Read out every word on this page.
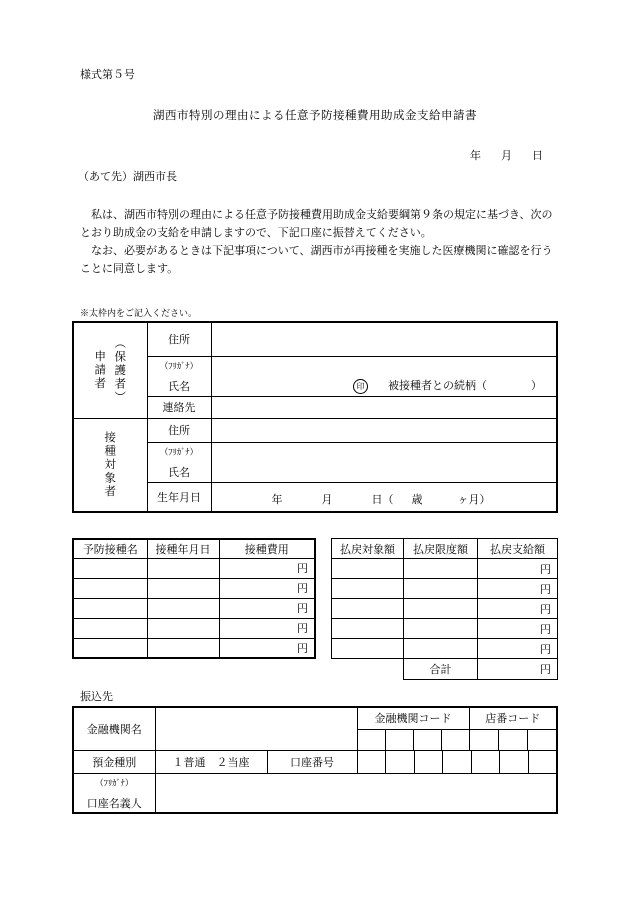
様式第５号
湖西市特別の理由による任意予防接種費用助成金支給申請書
年 月 日
（あて先）湖西市長

私は、湖西市特別の理由による任意予防接種費用助成金支給要綱第９条の規定に基づき、次のとおり助成金の支給を申請しますので、下記口座に振替えてください。

なお、必要があるときは下記事項について、湖西市が再接種を実施した医療機関に確認を行うことに同意します。

※太枠内をご記入ください。
申請者 （保護者）	住所	
	（ﾌﾘｶﾞﾅ）	
	氏名	印 被接種者との続柄（ ）
	連絡先	

接種対象者	住所	
	（ﾌﾘｶﾞﾅ）	
	氏名	
	生年月日	年 月 日（ 歳 ヶ月）
予防接種名	接種年月日	接種費用
		円
		円
		円
		円
		円
払戻対象額	払戻限度額	払戻支給額
		円
		円
		円
		円
		円
	合計	円
振込先
金融機関名			金融機関コード	店番コード

預金種別	１普通　２当座	口座番号		

（ﾌﾘｶﾞﾅ）				
口座名義人				
